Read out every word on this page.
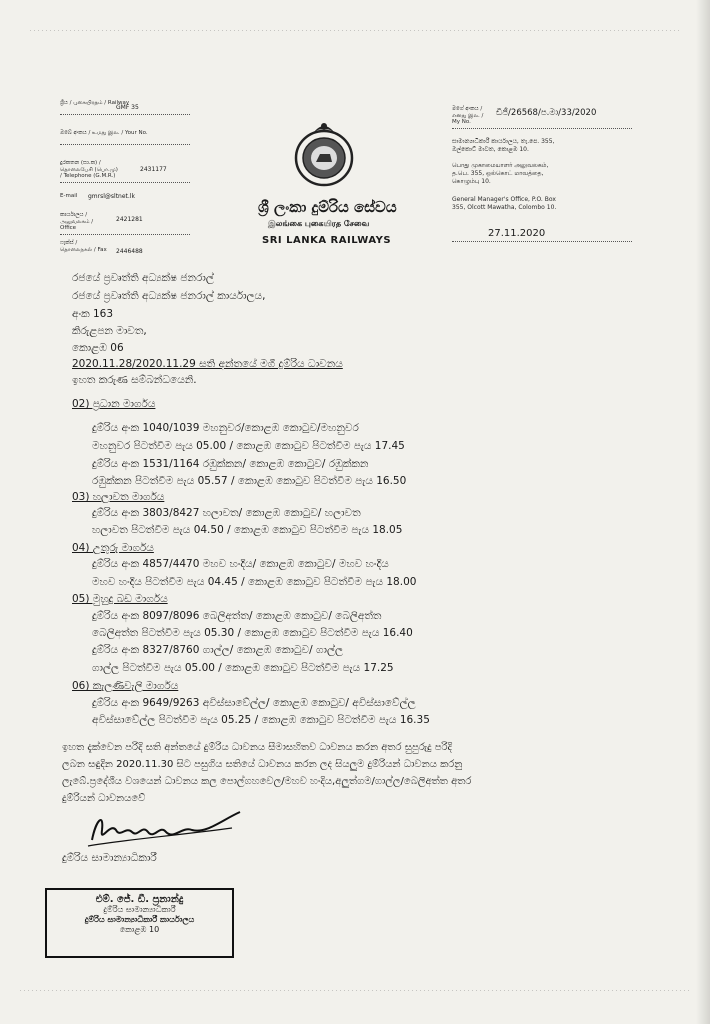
ශ්‍රිය / புகையிரதம் / Railway
GMF 35
ඔබේ අංකය / உமது இல. / Your No.
දුරකතන (සා.ක) / தொலைபேசி (பொ.மு) / Telephone (G.M.R.)
2431177
E-mail	gmrsl@sltnet.lk
කාර්යාලය / அலுவலகம் / Office
2421281
ෆැක්ස් / தொலைநகல் / Fax	2446488
ශ්‍රී ලංකා දුම්රිය සේවය
இலங்கை புகையிரத சேவை
SRI LANKA RAILWAYS
මගේ අංකය / எனது இல. / My No.
ඩීජී/26568/ප.මා/33/2020
සාමාන්‍යාධිකාරී කාර්යාලය, තැ.පෙ. 355, ඔල්කොට් මාවත, කොළඹ 10.
பொது முகாமையாளர் அலுவலகம், த.பெ. 355, ஒல்கொட் மாவத்தை, கொழும்பு 10.
General Manager's Office, P.O. Box 355, Olcott Mawatha, Colombo 10.
27.11.2020
රජයේ ප්‍රවෘත්ති අධ්‍යක්ෂ ජනරාල්
රජයේ ප්‍රවෘත්ති අධ්‍යක්ෂ ජනරාල් කාර්යාලය,
අංක 163
කිරුළපන මාවත,
කොළඹ 06
2020.11.28/2020.11.29 සති අන්තයේ මගී දුම්රිය ධාවනය
ඉහත කරුණ සම්බන්ධයෙනි.
02) ප්‍රධාන මාර්ගය
දුම්රිය අංක 1040/1039 මහනුවර/කොළඹ කොටුව/මහනුවර
මහනුවර පිටත්වීම පැය 05.00 / කොළඹ කොටුව පිටත්වීම පැය 17.45
දුම්රිය අංක 1531/1164 රඹුක්කන/ කොළඹ කොටුව/ රඹුක්කන
රඹුක්කන පිටත්වීම පැය 05.57 / කොළඹ කොටුව පිටත්වීම පැය 16.50
03) හලාවත මාර්ගය
දුම්රිය අංක 3803/8427 හලාවත/ කොළඹ කොටුව/ හලාවත
හලාවත පිටත්වීම පැය 04.50 / කොළඹ කොටුව පිටත්වීම පැය 18.05
04) උතුරු මාර්ගය
දුම්රිය අංක 4857/4470 මහව හංදිය/ කොළඹ කොටුව/ මහව හංදිය
මහව හංදිය පිටත්වීම පැය 04.45 / කොළඹ කොටුව පිටත්වීම පැය 18.00
05) මුහුදු බඩ මාර්ගය
දුම්රිය අංක 8097/8096 බෙලිඅත්ත/ කොළඹ කොටුව/ බෙලිඅත්ත
බෙලිඅත්ත පිටත්වීම පැය 05.30 / කොළඹ කොටුව පිටත්වීම පැය 16.40
දුම්රිය අංක 8327/8760 ගාල්ල/ කොළඹ කොටුව/ ගාල්ල
ගාල්ල පිටත්වීම පැය 05.00 / කොළඹ කොටුව පිටත්වීම පැය 17.25
06) කැලණිවැලි මාර්ගය
දුම්රිය අංක 9649/9263 අවිස්සාවේල්ල/ කොළඹ කොටුව/ අවිස්සාවේල්ල
අවිස්සාවේල්ල පිටත්වීම පැය 05.25 / කොළඹ කොටුව පිටත්වීම පැය 16.35
ඉහත දැක්වෙන පරිදි සති අන්තයේ දුම්රිය ධාවනය සීමාසහිතව ධාවනය කරන අතර සුපුරුදු පරිදි
ලබන සඳුදින 2020.11.30 සිට පසුගිය සතියේ ධාවනය කරන ලද සියලුම දුම්රියන් ධාවනය කරනු
ලැබේ.ප්‍රදේශීය වශයෙන් ධාවනය කල පොල්ගහවෙල/මහව හංදිය,අලුත්ගම/ගාල්ල/බෙලිඅත්ත අතර
දුම්රියන් ධාවනයවේ
දුම්රිය සාමාන්‍යාධිකාරී
එම්. ජේ. ඩී. ප්‍රනාන්දු
දුම්රිය සාමාන්‍යාධිකාරී
දුම්රිය සාමාන්‍යාධිකාරී කාර්යාලය
කොළඹ 10
